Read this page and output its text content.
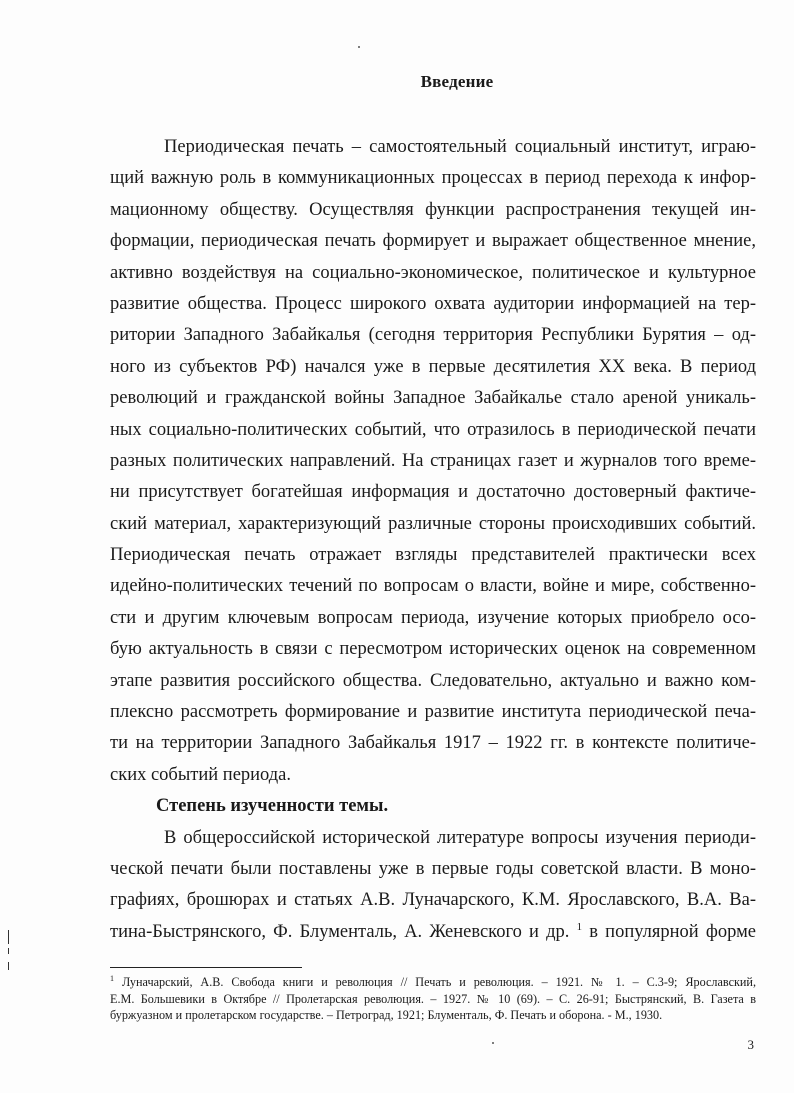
Введение
Периодическая печать – самостоятельный социальный институт, играю-
щий важную роль в коммуникационных процессах в период перехода к инфор-
мационному обществу. Осуществляя функции распространения текущей ин-
формации, периодическая печать формирует и выражает общественное мнение,
активно воздействуя на социально-экономическое, политическое и культурное
развитие общества. Процесс широкого охвата аудитории информацией на тер-
ритории Западного Забайкалья (сегодня территория Республики Бурятия – од-
ного из субъектов РФ) начался уже в первые десятилетия XX века. В период
революций и гражданской войны Западное Забайкалье стало ареной уникаль-
ных социально-политических событий, что отразилось в периодической печати
разных политических направлений. На страницах газет и журналов того време-
ни присутствует богатейшая информация и достаточно достоверный фактиче-
ский материал, характеризующий различные стороны происходивших событий.
Периодическая печать отражает взгляды представителей практически всех
идейно-политических течений по вопросам о власти, войне и мире, собственно-
сти и другим ключевым вопросам периода, изучение которых приобрело осо-
бую актуальность в связи с пересмотром исторических оценок на современном
этапе развития российского общества. Следовательно, актуально и важно ком-
плексно рассмотреть формирование и развитие института периодической печа-
ти на территории Западного Забайкалья 1917 – 1922 гг. в контексте политиче-
ских событий периода.
Степень изученности темы.
В общероссийской исторической литературе вопросы изучения периоди-
ческой печати были поставлены уже в первые годы советской власти. В моно-
графиях, брошюрах и статьях А.В. Луначарского, К.М. Ярославского, В.А. Ва-
тина-Быстрянского, Ф. Блументаль, А. Женевского и др. $^1$ в популярной форме
$^1$ Луначарский, А.В. Свобода книги и революция // Печать и революция. – 1921. № 1. – С.3-9; Ярославский,
Е.М. Большевики в Октябре // Пролетарская революция. – 1927. № 10 (69). – С. 26-91; Быстрянский, В. Газета в
буржуазном и пролетарском государстве. – Петроград, 1921; Блументаль, Ф. Печать и оборона. - М., 1930.
3
